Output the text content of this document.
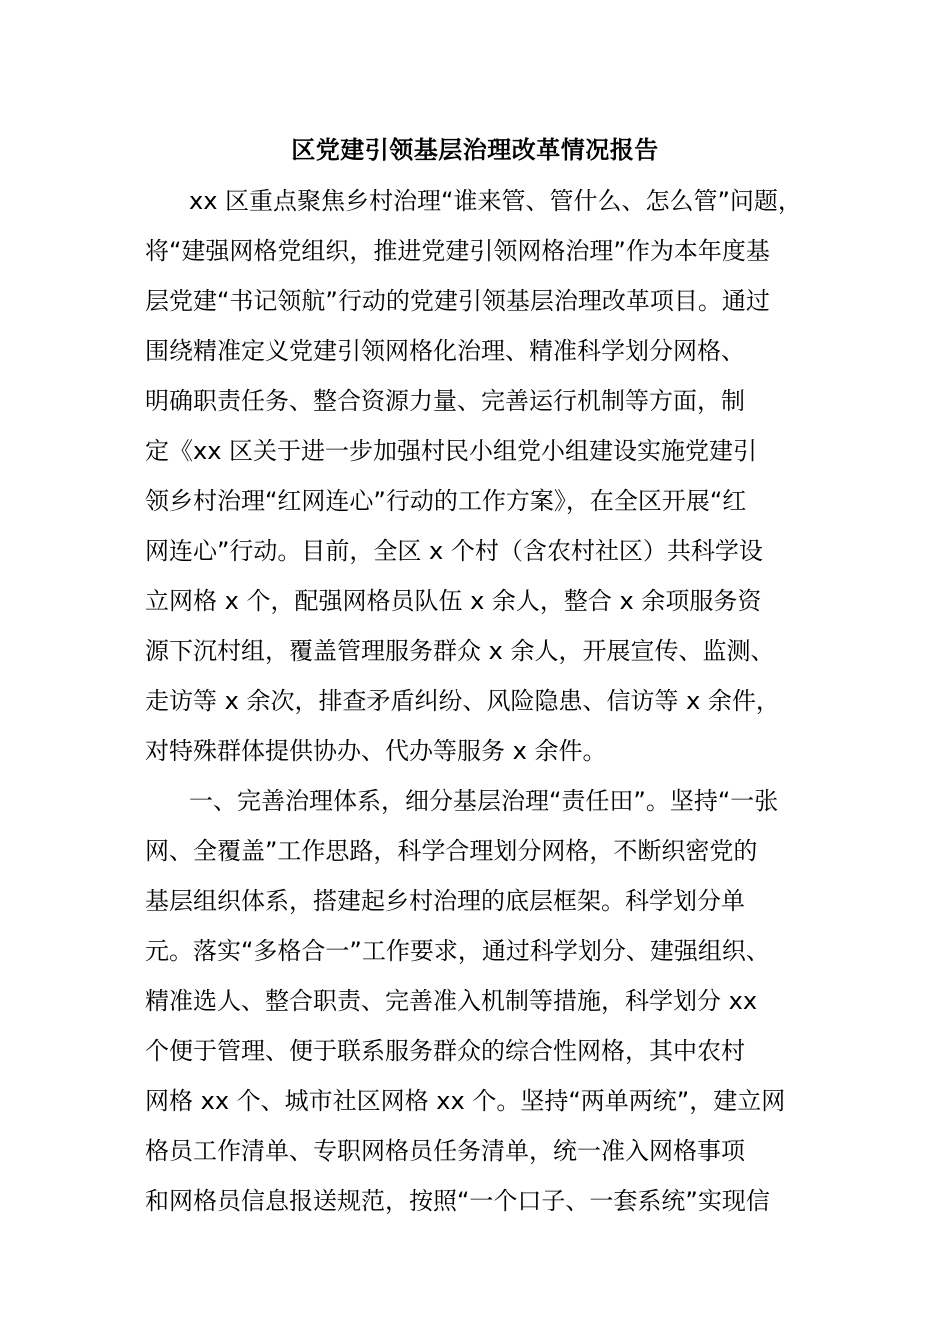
区党建引领基层治理改革情况报告
xx 区重点聚焦乡村治理“谁来管、管什么、怎么管”问题，
将“建强网格党组织，推进党建引领网格治理”作为本年度基
层党建“书记领航”行动的党建引领基层治理改革项目。通过
围绕精准定义党建引领网格化治理、精准科学划分网格、
明确职责任务、整合资源力量、完善运行机制等方面，制
定《xx 区关于进一步加强村民小组党小组建设实施党建引
领乡村治理“红网连心”行动的工作方案》，在全区开展“红
网连心”行动。目前，全区 x 个村（含农村社区）共科学设
立网格 x 个，配强网格员队伍 x 余人，整合 x 余项服务资
源下沉村组，覆盖管理服务群众 x 余人，开展宣传、监测、
走访等 x 余次，排查矛盾纠纷、风险隐患、信访等 x 余件，
对特殊群体提供协办、代办等服务 x 余件。
一、完善治理体系，细分基层治理“责任田”。坚持“一张
网、全覆盖”工作思路，科学合理划分网格，不断织密党的
基层组织体系，搭建起乡村治理的底层框架。科学划分单
元。落实“多格合一”工作要求，通过科学划分、建强组织、
精准选人、整合职责、完善准入机制等措施，科学划分 xx
个便于管理、便于联系服务群众的综合性网格，其中农村
网格 xx 个、城市社区网格 xx 个。坚持“两单两统”，建立网
格员工作清单、专职网格员任务清单，统一准入网格事项
和网格员信息报送规范，按照“一个口子、一套系统”实现信
